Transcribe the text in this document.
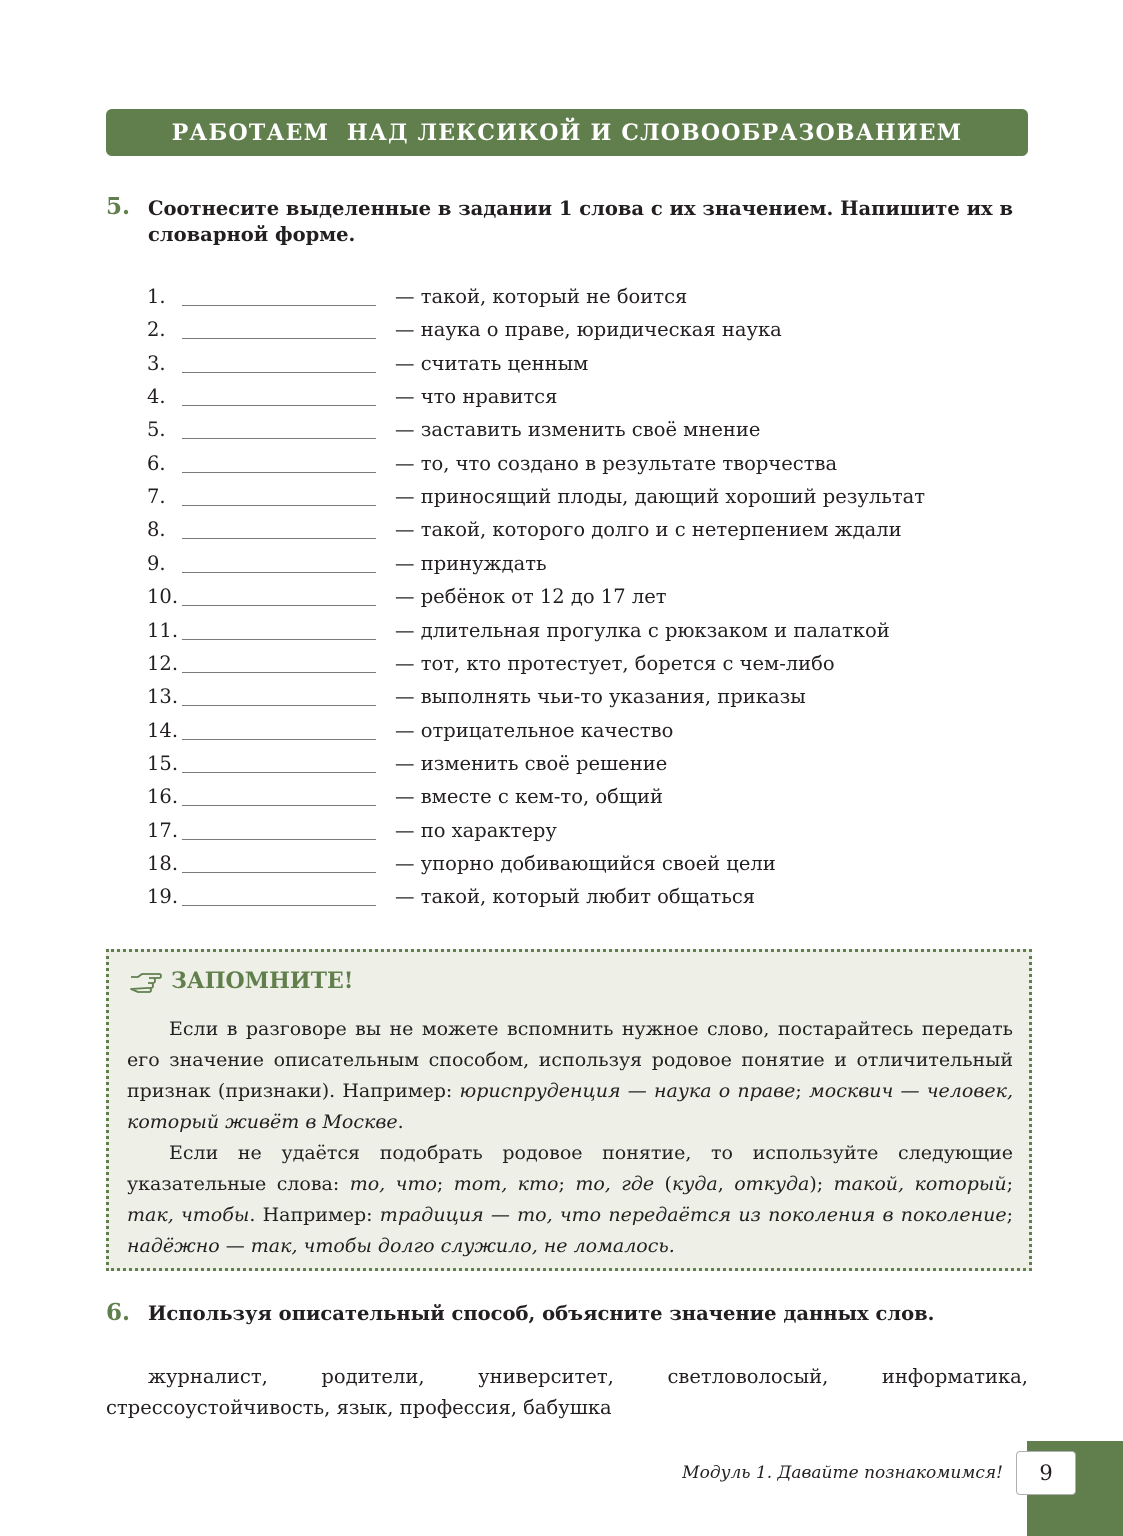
РАБОТАЕМ  НАД ЛЕКСИКОЙ И СЛОВООБРАЗОВАНИЕМ
5. Соотнесите выделенные в задании 1 слова с их значением. Напишите их в словарной форме.
1.	— такой, который не боится
2.	— наука о праве, юридическая наука
3.	— считать ценным
4.	— что нравится
5.	— заставить изменить своё мнение
6.	— то, что создано в результате творчества
7.	— приносящий плоды, дающий хороший результат
8.	— такой, которого долго и с нетерпением ждали
9.	— принуждать
10.	— ребёнок от 12 до 17 лет
11.	— длительная прогулка с рюкзаком и палаткой
12.	— тот, кто протестует, борется с чем-либо
13.	— выполнять чьи-то указания, приказы
14.	— отрицательное качество
15.	— изменить своё решение
16.	— вместе с кем-то, общий
17.	— по характеру
18.	— упорно добивающийся своей цели
19.	— такой, который любит общаться
ЗАПОМНИТЕ!

Если в разговоре вы не можете вспомнить нужное слово, постарайтесь передать его значение описательным способом, используя родовое понятие и отличительный признак (признаки). Например: юриспруденция — наука о праве; москвич — человек, который живёт в Москве.

Если не удаётся подобрать родовое понятие, то используйте следующие указательные слова: то, что; тот, кто; то, где (куда, откуда); такой, который; так, чтобы. Например: традиция — то, что передаётся из поколения в поколение; надёжно — так, чтобы долго служило, не ломалось.

6. Используя описательный способ, объясните значение данных слов.
журналист, родители, университет, светловолосый, информатика, стрессоустойчивость, язык, профессия, бабушка
Модуль 1. Давайте познакомимся!	9
